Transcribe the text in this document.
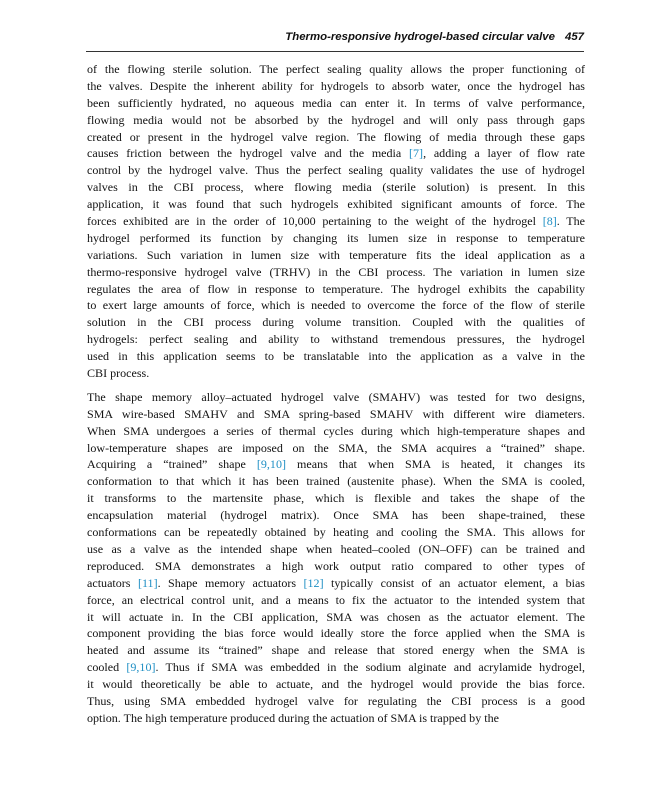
Thermo-responsive hydrogel-based circular valve 457
of the flowing sterile solution. The perfect sealing quality allows the proper functioning of
the valves. Despite the inherent ability for hydrogels to absorb water, once the hydrogel has
been sufficiently hydrated, no aqueous media can enter it. In terms of valve performance,
flowing media would not be absorbed by the hydrogel and will only pass through gaps
created or present in the hydrogel valve region. The flowing of media through these gaps
causes friction between the hydrogel valve and the media [7], adding a layer of flow rate
control by the hydrogel valve. Thus the perfect sealing quality validates the use of hydrogel
valves in the CBI process, where flowing media (sterile solution) is present. In this
application, it was found that such hydrogels exhibited significant amounts of force. The
forces exhibited are in the order of 10,000 pertaining to the weight of the hydrogel [8]. The
hydrogel performed its function by changing its lumen size in response to temperature
variations. Such variation in lumen size with temperature fits the ideal application as a
thermo-responsive hydrogel valve (TRHV) in the CBI process. The variation in lumen size
regulates the area of flow in response to temperature. The hydrogel exhibits the capability
to exert large amounts of force, which is needed to overcome the force of the flow of sterile
solution in the CBI process during volume transition. Coupled with the qualities of
hydrogels: perfect sealing and ability to withstand tremendous pressures, the hydrogel
used in this application seems to be translatable into the application as a valve in the
CBI process.
The shape memory alloy–actuated hydrogel valve (SMAHV) was tested for two designs,
SMA wire-based SMAHV and SMA spring-based SMAHV with different wire diameters.
When SMA undergoes a series of thermal cycles during which high-temperature shapes and
low-temperature shapes are imposed on the SMA, the SMA acquires a “trained” shape.
Acquiring a “trained” shape [9,10] means that when SMA is heated, it changes its
conformation to that which it has been trained (austenite phase). When the SMA is cooled,
it transforms to the martensite phase, which is flexible and takes the shape of the
encapsulation material (hydrogel matrix). Once SMA has been shape-trained, these
conformations can be repeatedly obtained by heating and cooling the SMA. This allows for
use as a valve as the intended shape when heated–cooled (ON–OFF) can be trained and
reproduced. SMA demonstrates a high work output ratio compared to other types of
actuators [11]. Shape memory actuators [12] typically consist of an actuator element, a bias
force, an electrical control unit, and a means to fix the actuator to the intended system that
it will actuate in. In the CBI application, SMA was chosen as the actuator element. The
component providing the bias force would ideally store the force applied when the SMA is
heated and assume its “trained” shape and release that stored energy when the SMA is
cooled [9,10]. Thus if SMA was embedded in the sodium alginate and acrylamide hydrogel,
it would theoretically be able to actuate, and the hydrogel would provide the bias force.
Thus, using SMA embedded hydrogel valve for regulating the CBI process is a good
option. The high temperature produced during the actuation of SMA is trapped by the
